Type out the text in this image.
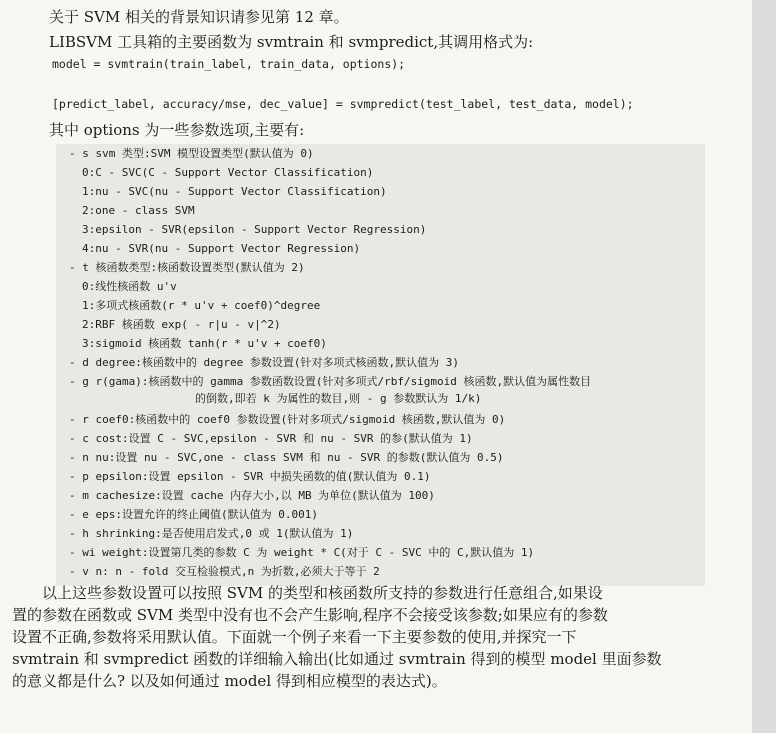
关于 SVM 相关的背景知识请参见第 12 章。
LIBSVM 工具箱的主要函数为 svmtrain 和 svmpredict,其调用格式为:
model = svmtrain(train_label, train_data, options);
[predict_label, accuracy/mse, dec_value] = svmpredict(test_label, test_data, model);
其中 options 为一些参数选项,主要有:
- s svm 类型:SVM 模型设置类型(默认值为 0)
0:C - SVC(C - Support Vector Classification)
1:nu - SVC(nu - Support Vector Classification)
2:one - class SVM
3:epsilon - SVR(epsilon - Support Vector Regression)
4:nu - SVR(nu - Support Vector Regression)
- t 核函数类型:核函数设置类型(默认值为 2)
0:线性核函数 u'v
1:多项式核函数(r * u'v + coef0)^degree
2:RBF 核函数 exp( - r|u - v|^2)
3:sigmoid 核函数 tanh(r * u'v + coef0)
- d degree:核函数中的 degree 参数设置(针对多项式核函数,默认值为 3)
- g r(gama):核函数中的 gamma 参数函数设置(针对多项式/rbf/sigmoid 核函数,默认值为属性数目
的倒数,即若 k 为属性的数目,则 - g 参数默认为 1/k)
- r coef0:核函数中的 coef0 参数设置(针对多项式/sigmoid 核函数,默认值为 0)
- c cost:设置 C - SVC,epsilon - SVR 和 nu - SVR 的参(默认值为 1)
- n nu:设置 nu - SVC,one - class SVM 和 nu - SVR 的参数(默认值为 0.5)
- p epsilon:设置 epsilon - SVR 中损失函数的值(默认值为 0.1)
- m cachesize:设置 cache 内存大小,以 MB 为单位(默认值为 100)
- e eps:设置允许的终止阈值(默认值为 0.001)
- h shrinking:是否使用启发式,0 或 1(默认值为 1)
- wi weight:设置第几类的参数 C 为 weight * C(对于 C - SVC 中的 C,默认值为 1)
- v n: n - fold 交互检验模式,n 为折数,必须大于等于 2

以上这些参数设置可以按照 SVM 的类型和核函数所支持的参数进行任意组合,如果设

置的参数在函数或 SVM 类型中没有也不会产生影响,程序不会接受该参数;如果应有的参数

设置不正确,参数将采用默认值。下面就一个例子来看一下主要参数的使用,并探究一下

svmtrain 和 svmpredict 函数的详细输入输出(比如通过 svmtrain 得到的模型 model 里面参数

的意义都是什么? 以及如何通过 model 得到相应模型的表达式)。
